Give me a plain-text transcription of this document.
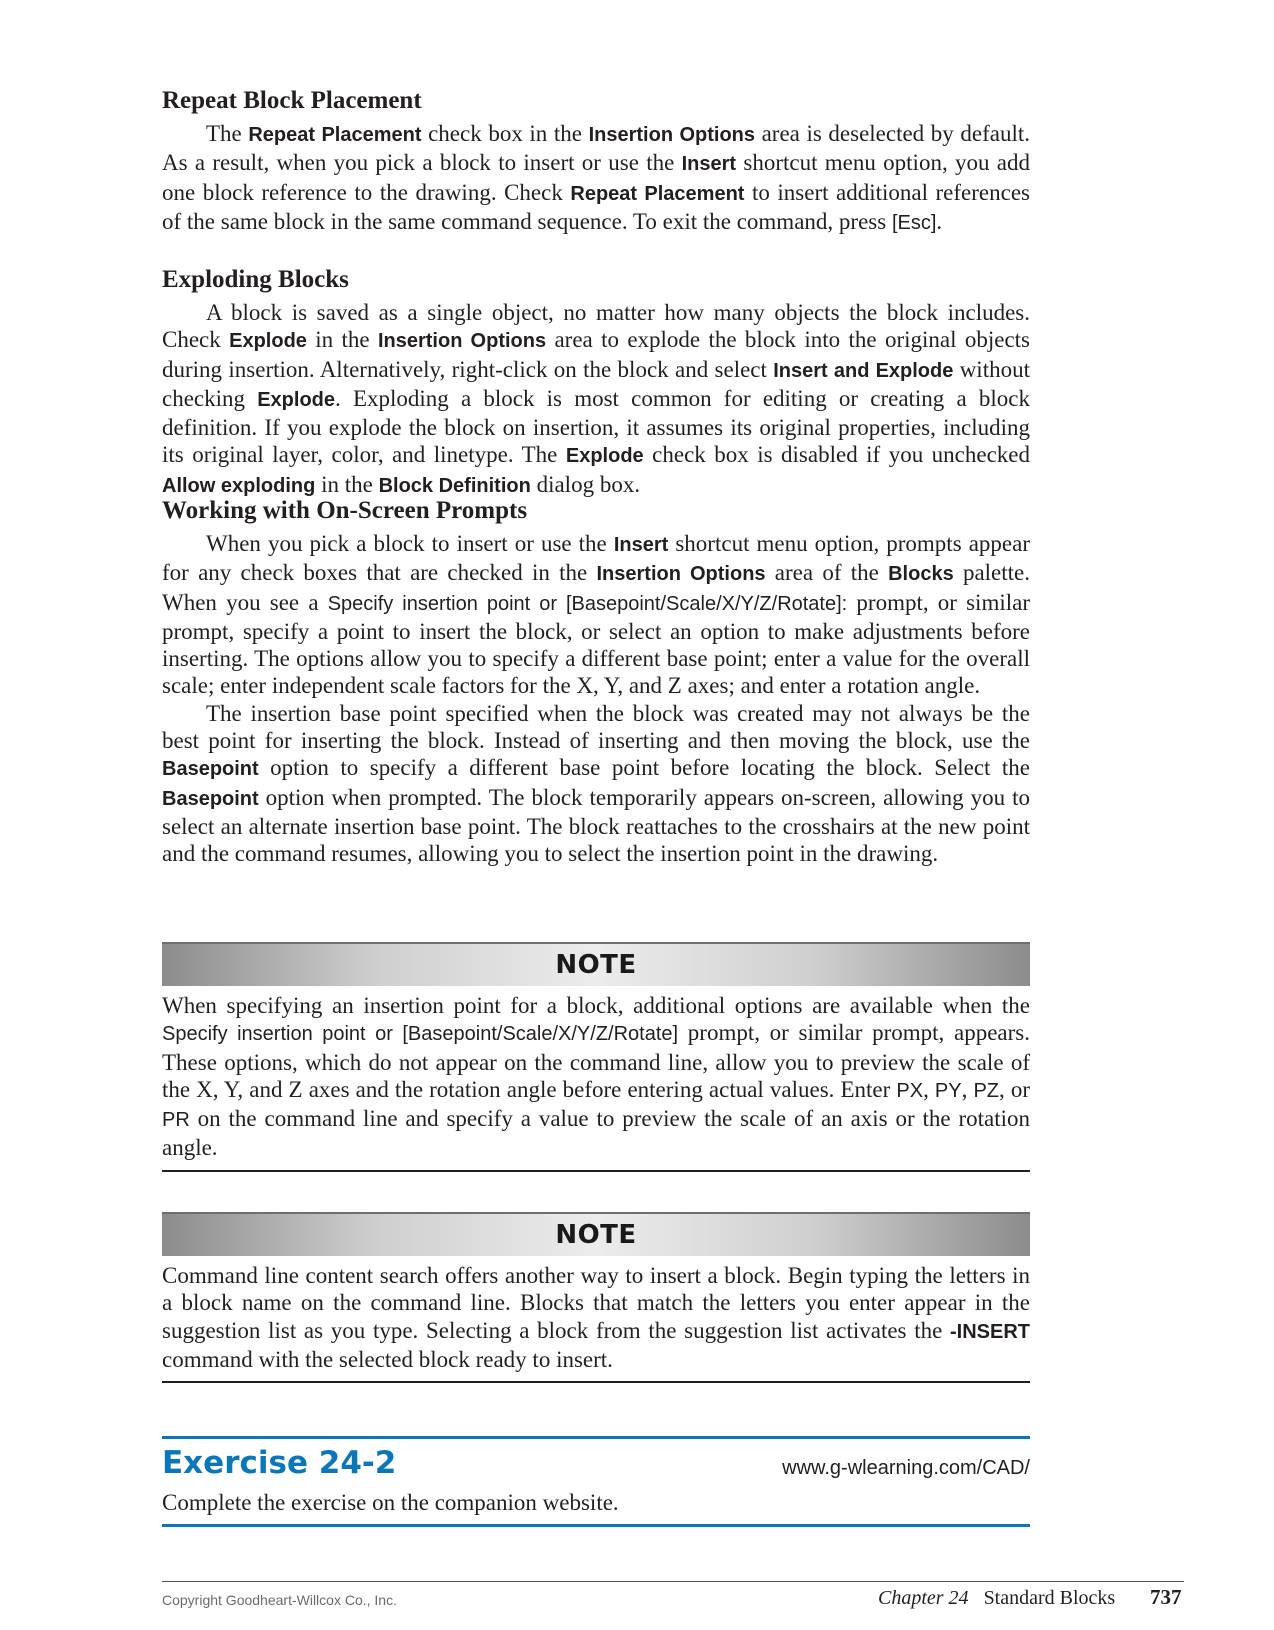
Repeat Block Placement

The Repeat Placement check box in the Insertion Options area is deselected by default. As a result, when you pick a block to insert or use the Insert shortcut menu option, you add one block reference to the drawing. Check Repeat Placement to insert additional references of the same block in the same command sequence. To exit the command, press [Esc].

Exploding Blocks

A block is saved as a single object, no matter how many objects the block includes. Check Explode in the Insertion Options area to explode the block into the original objects during insertion. Alternatively, right-click on the block and select Insert and Explode without checking Explode. Exploding a block is most common for editing or creating a block definition. If you explode the block on insertion, it assumes its original properties, including its original layer, color, and linetype. The Explode check box is disabled if you unchecked Allow exploding in the Block Definition dialog box.

Working with On-Screen Prompts

When you pick a block to insert or use the Insert shortcut menu option, prompts appear for any check boxes that are checked in the Insertion Options area of the Blocks palette. When you see a Specify insertion point or [Basepoint/Scale/X/Y/Z/Rotate]: prompt, or similar prompt, specify a point to insert the block, or select an option to make adjustments before inserting. The options allow you to specify a different base point; enter a value for the overall scale; enter independent scale factors for the X, Y, and Z axes; and enter a rotation angle.

The insertion base point specified when the block was created may not always be the best point for inserting the block. Instead of inserting and then moving the block, use the Basepoint option to specify a different base point before locating the block. Select the Basepoint option when prompted. The block temporarily appears on-screen, allowing you to select an alternate insertion base point. The block reattaches to the crosshairs at the new point and the command resumes, allowing you to select the insertion point in the drawing.

NOTE

When specifying an insertion point for a block, additional options are available when the Specify insertion point or [Basepoint/Scale/X/Y/Z/Rotate] prompt, or similar prompt, appears. These options, which do not appear on the command line, allow you to preview the scale of the X, Y, and Z axes and the rotation angle before entering actual values. Enter PX, PY, PZ, or PR on the command line and specify a value to preview the scale of an axis or the rotation angle.

NOTE

Command line content search offers another way to insert a block. Begin typing the letters in a block name on the command line. Blocks that match the letters you enter appear in the suggestion list as you type. Selecting a block from the suggestion list activates the -INSERT command with the selected block ready to insert.

Exercise 24-2	www.g-wlearning.com/CAD/

Complete the exercise on the companion website.

Copyright Goodheart-Willcox Co., Inc.	Chapter 24 Standard Blocks 737
